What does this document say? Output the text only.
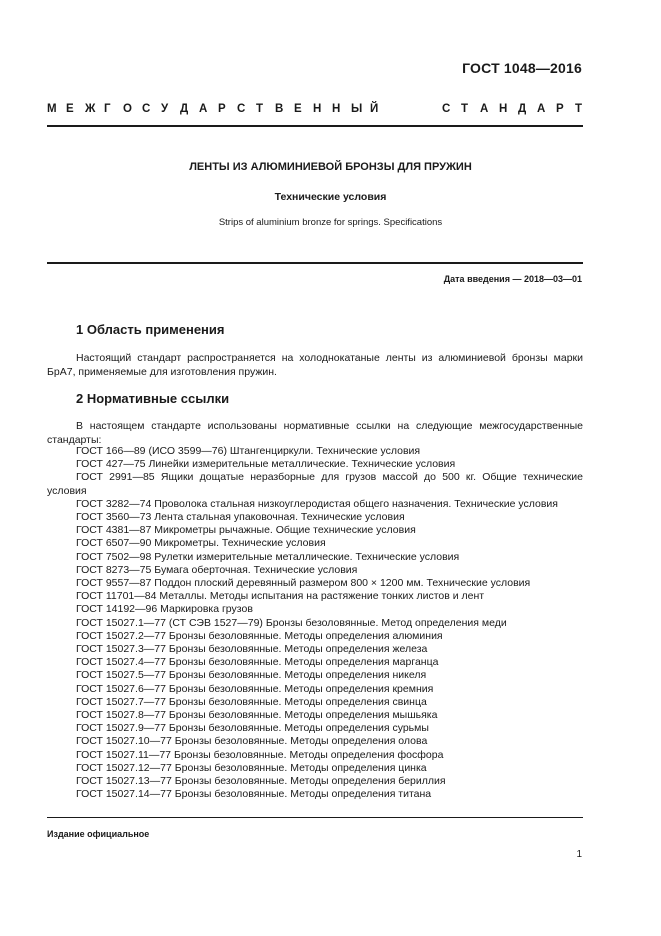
ГОСТ 1048—2016
М Е Ж Г О С У Д А Р С Т В Е Н Н Ы Й	С Т А Н Д А Р Т
ЛЕНТЫ ИЗ АЛЮМИНИЕВОЙ БРОНЗЫ ДЛЯ ПРУЖИН
Технические условия
Strips of aluminium bronze for springs. Specifications
Дата введения — 2018—03—01
1 Область применения

Настоящий стандарт распространяется на холоднокатаные ленты из алюминиевой бронзы марки БрА7, применяемые для изготовления пружин.

2 Нормативные ссылки

В настоящем стандарте использованы нормативные ссылки на следующие межгосударственные стандарты:

ГОСТ 166—89 (ИСО 3599—76) Штангенциркули. Технические условия
ГОСТ 427—75 Линейки измерительные металлические. Технические условия
ГОСТ 2991—85 Ящики дощатые неразборные для грузов массой до 500 кг. Общие технические условия
ГОСТ 3282—74 Проволока стальная низкоуглеродистая общего назначения. Технические условия
ГОСТ 3560—73 Лента стальная упаковочная. Технические условия
ГОСТ 4381—87 Микрометры рычажные. Общие технические условия
ГОСТ 6507—90 Микрометры. Технические условия
ГОСТ 7502—98 Рулетки измерительные металлические. Технические условия
ГОСТ 8273—75 Бумага оберточная. Технические условия
ГОСТ 9557—87 Поддон плоский деревянный размером 800 × 1200 мм. Технические условия
ГОСТ 11701—84 Металлы. Методы испытания на растяжение тонких листов и лент
ГОСТ 14192—96 Маркировка грузов
ГОСТ 15027.1—77 (СТ СЭВ 1527—79) Бронзы безоловянные. Метод определения меди
ГОСТ 15027.2—77 Бронзы безоловянные. Методы определения алюминия
ГОСТ 15027.3—77 Бронзы безоловянные. Методы определения железа
ГОСТ 15027.4—77 Бронзы безоловянные. Методы определения марганца
ГОСТ 15027.5—77 Бронзы безоловянные. Методы определения никеля
ГОСТ 15027.6—77 Бронзы безоловянные. Методы определения кремния
ГОСТ 15027.7—77 Бронзы безоловянные. Методы определения свинца
ГОСТ 15027.8—77 Бронзы безоловянные. Методы определения мышьяка
ГОСТ 15027.9—77 Бронзы безоловянные. Методы определения сурьмы
ГОСТ 15027.10—77 Бронзы безоловянные. Методы определения олова
ГОСТ 15027.11—77 Бронзы безоловянные. Методы определения фосфора
ГОСТ 15027.12—77 Бронзы безоловянные. Методы определения цинка
ГОСТ 15027.13—77 Бронзы безоловянные. Методы определения бериллия
ГОСТ 15027.14—77 Бронзы безоловянные. Методы определения титана
Издание официальное
1
